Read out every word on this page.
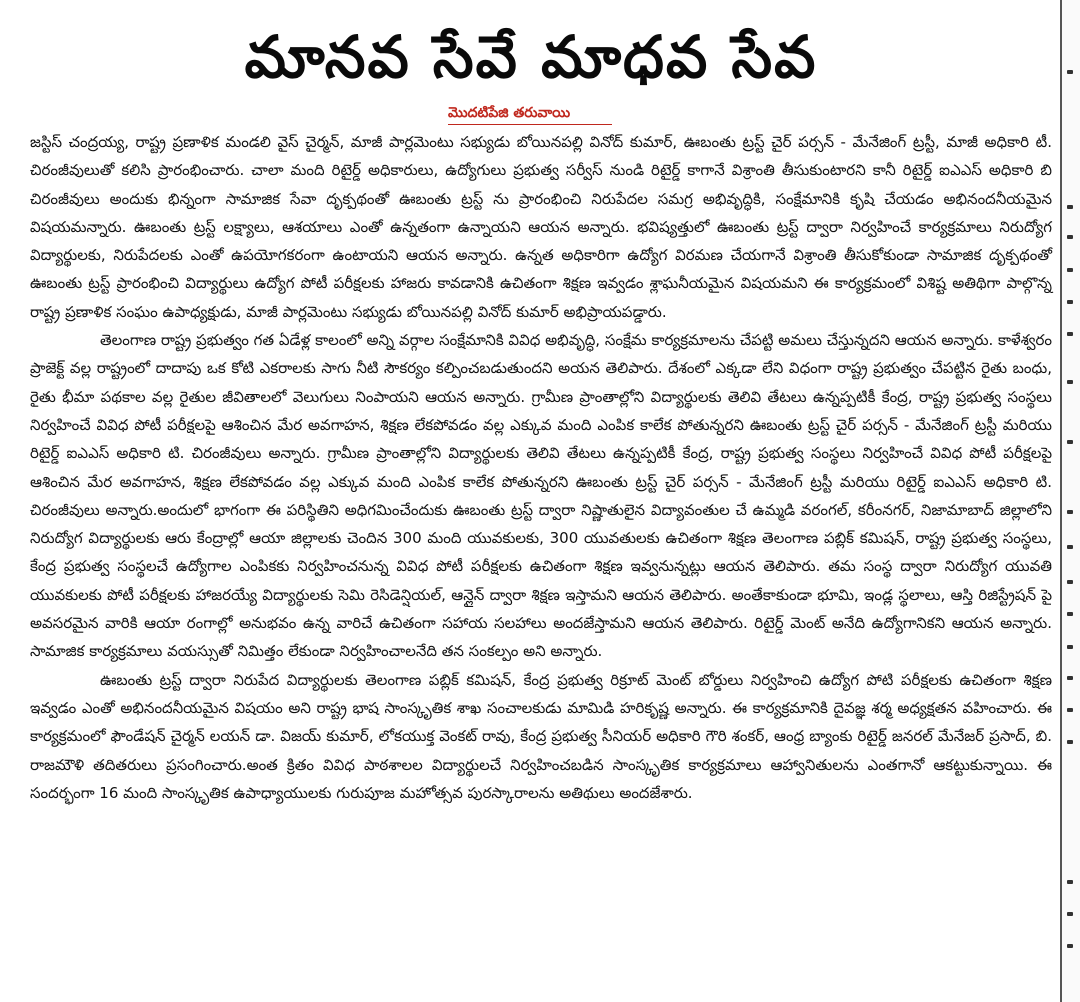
మానవ సేవే మాధవ సేవ
మొదటిపేజి తరువాయి

జస్టిస్ చంద్రయ్య, రాష్ట్ర ప్రణాళిక మండలి వైస్ చైర్మన్, మాజీ పార్లమెంటు సభ్యుడు బోయినపల్లి వినోద్ కుమార్, ఊబంతు ట్రస్ట్ చైర్ పర్సన్ - మేనేజింగ్ ట్రస్టీ, మాజీ అధికారి టీ. చిరంజీవులుతో కలిసి ప్రారంభించారు. చాలా మంది రిటైర్డ్ అధికారులు, ఉద్యోగులు ప్రభుత్వ సర్వీస్ నుండి రిటైర్డ్ కాగానే విశ్రాంతి తీసుకుంటారని కానీ రిటైర్డ్ ఐఎఎస్ అధికారి బి చిరంజీవులు అందుకు భిన్నంగా సామాజిక సేవా దృక్పథంతో ఊబంతు ట్రస్ట్ ను ప్రారంభించి నిరుపేదల సమగ్ర అభివృద్ధికి, సంక్షేమానికి కృషి చేయడం అభినందనీయమైన విషయమన్నారు. ఊబంతు ట్రస్ట్ లక్ష్యాలు, ఆశయాలు ఎంతో ఉన్నతంగా ఉన్నాయని ఆయన అన్నారు. భవిష్యత్తులో ఊబంతు ట్రస్ట్ ద్వారా నిర్వహించే కార్యక్రమాలు నిరుద్యోగ విద్యార్థులకు, నిరుపేదలకు ఎంతో ఉపయోగకరంగా ఉంటాయని ఆయన అన్నారు. ఉన్నత అధికారిగా ఉద్యోగ విరమణ చేయగానే విశ్రాంతి తీసుకోకుండా సామాజిక దృక్పథంతో ఊబంతు ట్రస్ట్ ప్రారంభించి విద్యార్థులు ఉద్యోగ పోటీ పరీక్షలకు హాజరు కావడానికి ఉచితంగా శిక్షణ ఇవ్వడం శ్లాఘనీయమైన విషయమని ఈ కార్యక్రమంలో విశిష్ట అతిథిగా పాల్గొన్న రాష్ట్ర ప్రణాళిక సంఘం ఉపాధ్యక్షుడు, మాజీ పార్లమెంటు సభ్యుడు బోయినపల్లి వినోద్ కుమార్ అభిప్రాయపడ్డారు.

తెలంగాణ రాష్ట్ర ప్రభుత్వం గత ఏడేళ్ల కాలంలో అన్ని వర్గాల సంక్షేమానికి వివిధ అభివృద్ధి, సంక్షేమ కార్యక్రమాలను చేపట్టి అమలు చేస్తున్నదని ఆయన అన్నారు. కాళేశ్వరం ప్రాజెక్ట్ వల్ల రాష్ట్రంలో దాదాపు ఒక కోటి ఎకరాలకు సాగు నీటి సౌకర్యం కల్పించబడుతుందని అయన తెలిపారు. దేశంలో ఎక్కడా లేని విధంగా రాష్ట్ర ప్రభుత్వం చేపట్టిన రైతు బంధు, రైతు భీమా పథకాల వల్ల రైతుల జీవితాలలో వెలుగులు నింపాయని ఆయన అన్నారు. గ్రామీణ ప్రాంతాల్లోని విద్యార్థులకు తెలివి తేటలు ఉన్నప్పటికీ కేంద్ర, రాష్ట్ర ప్రభుత్వ సంస్థలు నిర్వహించే వివిధ పోటీ పరీక్షలపై ఆశించిన మేర అవగాహన, శిక్షణ లేకపోవడం వల్ల ఎక్కువ మంది ఎంపిక కాలేక పోతున్నరని ఊబంతు ట్రస్ట్ చైర్ పర్సన్ - మేనేజింగ్ ట్రస్టీ మరియు రిటైర్డ్ ఐఎఎస్ అధికారి టి. చిరంజీవులు అన్నారు. గ్రామీణ ప్రాంతాల్లోని విద్యార్థులకు తెలివి తేటలు ఉన్నప్పటికీ కేంద్ర, రాష్ట్ర ప్రభుత్వ సంస్థలు నిర్వహించే వివిధ పోటీ పరీక్షలపై ఆశించిన మేర అవగాహన, శిక్షణ లేకపోవడం వల్ల ఎక్కువ మంది ఎంపిక కాలేక పోతున్నరని ఊబంతు ట్రస్ట్ చైర్ పర్సన్ - మేనేజింగ్ ట్రస్టీ మరియు రిటైర్డ్ ఐఎఎస్ అధికారి టి. చిరంజీవులు అన్నారు.అందులో భాగంగా ఈ పరిస్థితిని అధిగమించేందుకు ఊబంతు ట్రస్ట్ ద్వారా నిష్ణాతులైన విద్యావంతుల చే ఉమ్మడి వరంగల్, కరీంనగర్, నిజామాబాద్ జిల్లాలోని నిరుద్యోగ విద్యార్థులకు ఆరు కేంద్రాల్లో ఆయా జిల్లాలకు చెందిన 300 మంది యువకులకు, 300 యువతులకు ఉచితంగా శిక్షణ తెలంగాణ పబ్లిక్ కమిషన్, రాష్ట్ర ప్రభుత్వ సంస్థలు, కేంద్ర ప్రభుత్వ సంస్థలచే ఉద్యోగాల ఎంపికకు నిర్వహించనున్న వివిధ పోటీ పరీక్షలకు ఉచితంగా శిక్షణ ఇవ్వనున్నట్లు ఆయన తెలిపారు. తమ సంస్థ ద్వారా నిరుద్యోగ యువతి యువకులకు పోటీ పరీక్షలకు హాజరయ్యే విద్యార్థులకు సెమి రెసిడెన్షియల్, ఆన్లైన్ ద్వారా శిక్షణ ఇస్తామని ఆయన తెలిపారు. అంతేకాకుండా భూమి, ఇండ్ల స్థలాలు, ఆస్తి రిజిస్ట్రేషన్ పై అవసరమైన వారికి ఆయా రంగాల్లో అనుభవం ఉన్న వారిచే ఉచితంగా సహాయ సలహాలు అందజేస్తామని ఆయన తెలిపారు. రిటైర్డ్ మెంట్ అనేది ఉద్యోగానికని ఆయన అన్నారు. సామాజిక కార్యక్రమాలు వయస్సుతో నిమిత్తం లేకుండా నిర్వహించాలనేది తన సంకల్పం అని అన్నారు.

ఊబంతు ట్రస్ట్ ద్వారా నిరుపేద విద్యార్థులకు తెలంగాణ పబ్లిక్ కమిషన్, కేంద్ర ప్రభుత్వ రిక్రూట్ మెంట్ బోర్డులు నిర్వహించి ఉద్యోగ పోటి పరీక్షలకు ఉచితంగా శిక్షణ ఇవ్వడం ఎంతో అభినందనీయమైన విషయం అని రాష్ట్ర భాష సాంస్కృతిక శాఖ సంచాలకుడు మామిడి హరికృష్ణ అన్నారు. ఈ కార్యక్రమానికి దైవజ్ఞ శర్మ అధ్యక్షతన వహించారు. ఈ కార్యక్రమంలో ఫౌండేషన్ చైర్మన్ లయన్ డా. విజయ్ కుమార్, లోకయుక్త వెంకట్ రావు, కేంద్ర ప్రభుత్వ సీనియర్ అధికారి గౌరి శంకర్, ఆంధ్ర బ్యాంకు రిటైర్డ్ జనరల్ మేనేజర్ ప్రసాద్, బి. రాజమౌళి తదితరులు ప్రసంగించారు.అంత క్రితం వివిధ పాఠశాలల విద్యార్థులచే నిర్వహించబడిన సాంస్కృతిక కార్యక్రమాలు ఆహ్వానితులను ఎంతగానో ఆకట్టుకున్నాయి. ఈ సందర్భంగా 16 మంది సాంస్కృతిక ఉపాధ్యాయులకు గురుపూజ మహోత్సవ పురస్కారాలను అతిథులు అందజేశారు.
